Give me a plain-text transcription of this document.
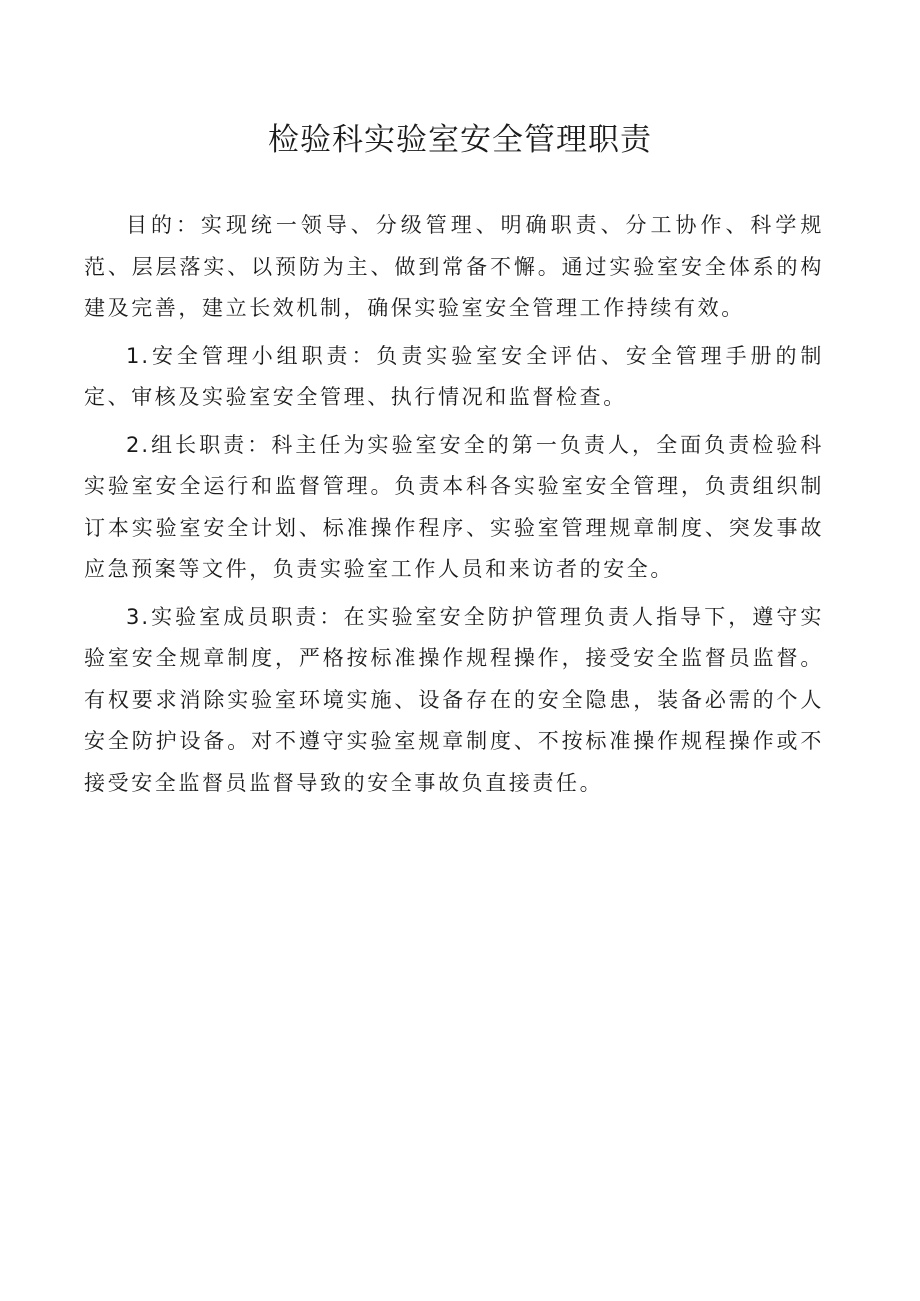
检验科实验室安全管理职责

目的：实现统一领导、分级管理、明确职责、分工协作、科学规范、层层落实、以预防为主、做到常备不懈。通过实验室安全体系的构建及完善，建立长效机制，确保实验室安全管理工作持续有效。

1.安全管理小组职责：负责实验室安全评估、安全管理手册的制定、审核及实验室安全管理、执行情况和监督检查。

2.组长职责：科主任为实验室安全的第一负责人，全面负责检验科实验室安全运行和监督管理。负责本科各实验室安全管理，负责组织制订本实验室安全计划、标准操作程序、实验室管理规章制度、突发事故应急预案等文件，负责实验室工作人员和来访者的安全。

3.实验室成员职责：在实验室安全防护管理负责人指导下，遵守实验室安全规章制度，严格按标准操作规程操作，接受安全监督员监督。有权要求消除实验室环境实施、设备存在的安全隐患，装备必需的个人安全防护设备。对不遵守实验室规章制度、不按标准操作规程操作或不接受安全监督员监督导致的安全事故负直接责任。
